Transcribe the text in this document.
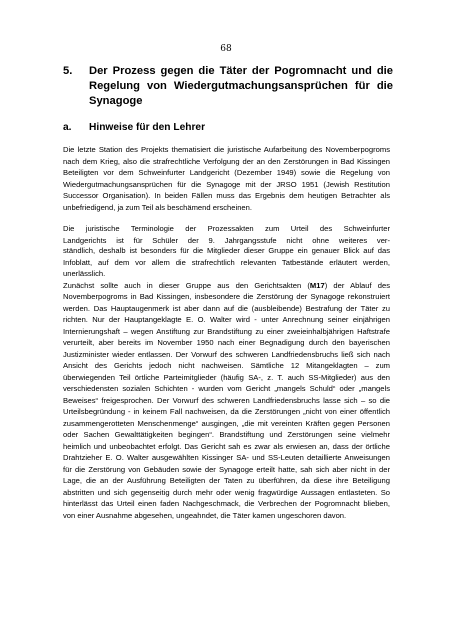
68
5. Der Prozess gegen die Täter der Pogromnacht und die Regelung von Wiedergutmachungsansprüchen für die Synagoge
a. Hinweise für den Lehrer
Die letzte Station des Projekts thematisiert die juristische Aufarbeitung des Novemberpogroms nach dem Krieg, also die strafrechtliche Verfolgung der an den Zerstörungen in Bad Kissingen Beteiligten vor dem Schweinfurter Landgericht (Dezember 1949) sowie die Regelung von Wiedergutmachungsansprüchen für die Synagoge mit der JRSO 1951 (Jewish Restitution Successor Organisation). In beiden Fällen muss das Ergebnis dem heutigen Betrachter als unbefriedigend, ja zum Teil als beschämend erscheinen.
Die juristische Terminologie der Prozessakten zum Urteil des Schweinfurter
Landgerichts ist für Schüler der 9. Jahrgangsstufe nicht ohne weiteres ver-
ständlich, deshalb ist besonders für die Mitglieder dieser Gruppe ein genauer Blick auf das Infoblatt, auf dem vor allem die strafrechtlich relevanten Tatbestände erläutert werden, unerlässlich.
Zunächst sollte auch in dieser Gruppe aus den Gerichtsakten (M17) der Ablauf des Novemberpogroms in Bad Kissingen, insbesondere die Zerstörung der Synagoge rekonstruiert werden. Das Hauptaugenmerk ist aber dann auf die (ausbleibende) Bestrafung der Täter zu richten. Nur der Hauptangeklagte E. O. Walter wird - unter Anrechnung seiner einjährigen Internierungshaft – wegen Anstiftung zur Brandstiftung zu einer zweieinhalbjährigen Haftstrafe verurteilt, aber bereits im November 1950 nach einer Begnadigung durch den bayerischen Justizminister wieder entlassen. Der Vorwurf des schweren Landfriedensbruchs ließ sich nach Ansicht des Gerichts jedoch nicht nachweisen. Sämtliche 12 Mitangeklagten – zum überwiegenden Teil örtliche Parteimitglieder (häufig SA-, z. T. auch SS-Mitglieder) aus den verschiedensten sozialen Schichten - wurden vom Gericht „mangels Schuld“ oder „mangels Beweises“ freigesprochen. Der Vorwurf des schweren Landfriedensbruchs lasse sich – so die Urteilsbegründung - in keinem Fall nachweisen, da die Zerstörungen „nicht von einer öffentlich zusammengerotteten Menschenmenge“ ausgingen, „die mit vereinten Kräften gegen Personen oder Sachen Gewalttätigkeiten begingen“. Brandstiftung und Zerstörungen seine vielmehr heimlich und unbeobachtet erfolgt. Das Gericht sah es zwar als erwiesen an, dass der örtliche Drahtzieher E. O. Walter ausgewählten Kissinger SA- und SS-Leuten detaillierte Anweisungen für die Zerstörung von Gebäuden sowie der Synagoge erteilt hatte, sah sich aber nicht in der Lage, die an der Ausführung Beteiligten der Taten zu überführen, da diese ihre Beteiligung abstritten und sich gegenseitig durch mehr oder wenig fragwürdige Aussagen entlasteten. So hinterlässt das Urteil einen faden Nachgeschmack, die Verbrechen der Pogromnacht blieben, von einer Ausnahme abgesehen, ungeahndet, die Täter kamen ungeschoren davon.
